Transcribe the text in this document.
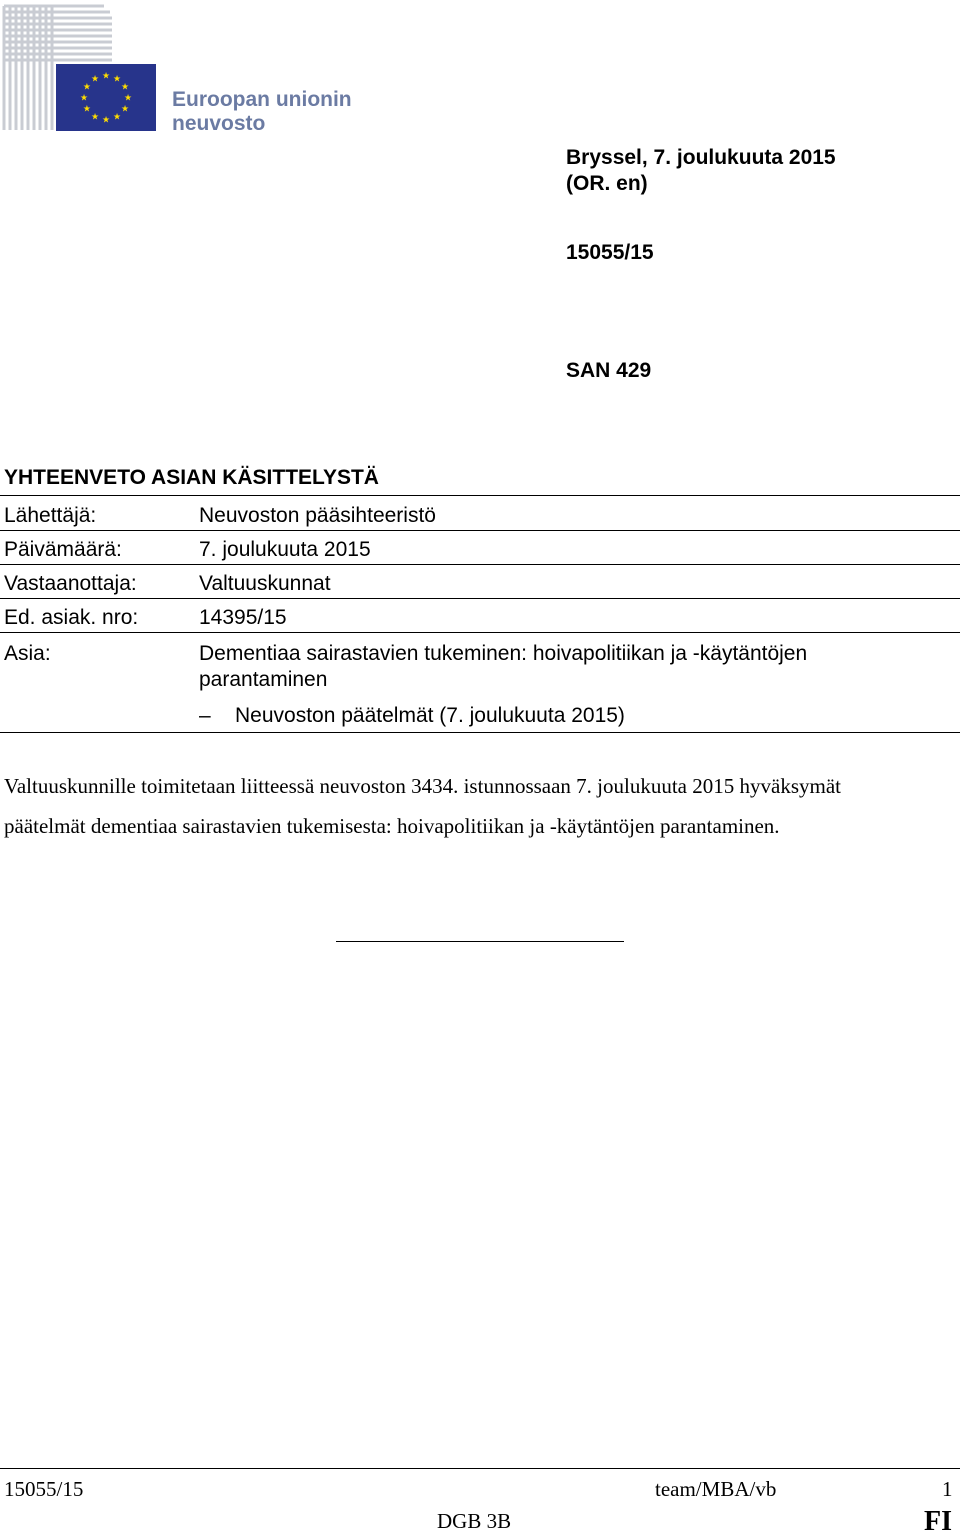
★ ★
★
★
★
★
★
★
★
★
★
★
Euroopan unionin
neuvosto
Bryssel, 7. joulukuuta 2015
(OR. en)
15055/15
SAN 429
YHTEENVETO ASIAN KÄSITTELYSTÄ
Lähettäjä:	Neuvoston pääsihteeristö
Päivämäärä:	7. joulukuuta 2015
Vastaanottaja:	Valtuuskunnat
Ed. asiak. nro:	14395/15
Asia:	Dementiaa sairastavien tukeminen: hoivapolitiikan ja -käytäntöjen parantaminen
– Neuvoston päätelmät (7. joulukuuta 2015)
Valtuuskunnille toimitetaan liitteessä neuvoston 3434. istunnossaan 7. joulukuuta 2015 hyväksymät
päätelmät dementiaa sairastavien tukemisesta: hoivapolitiikan ja -käytäntöjen parantaminen.
15055/15	team/MBA/vb	1
DGB 3B	FI
